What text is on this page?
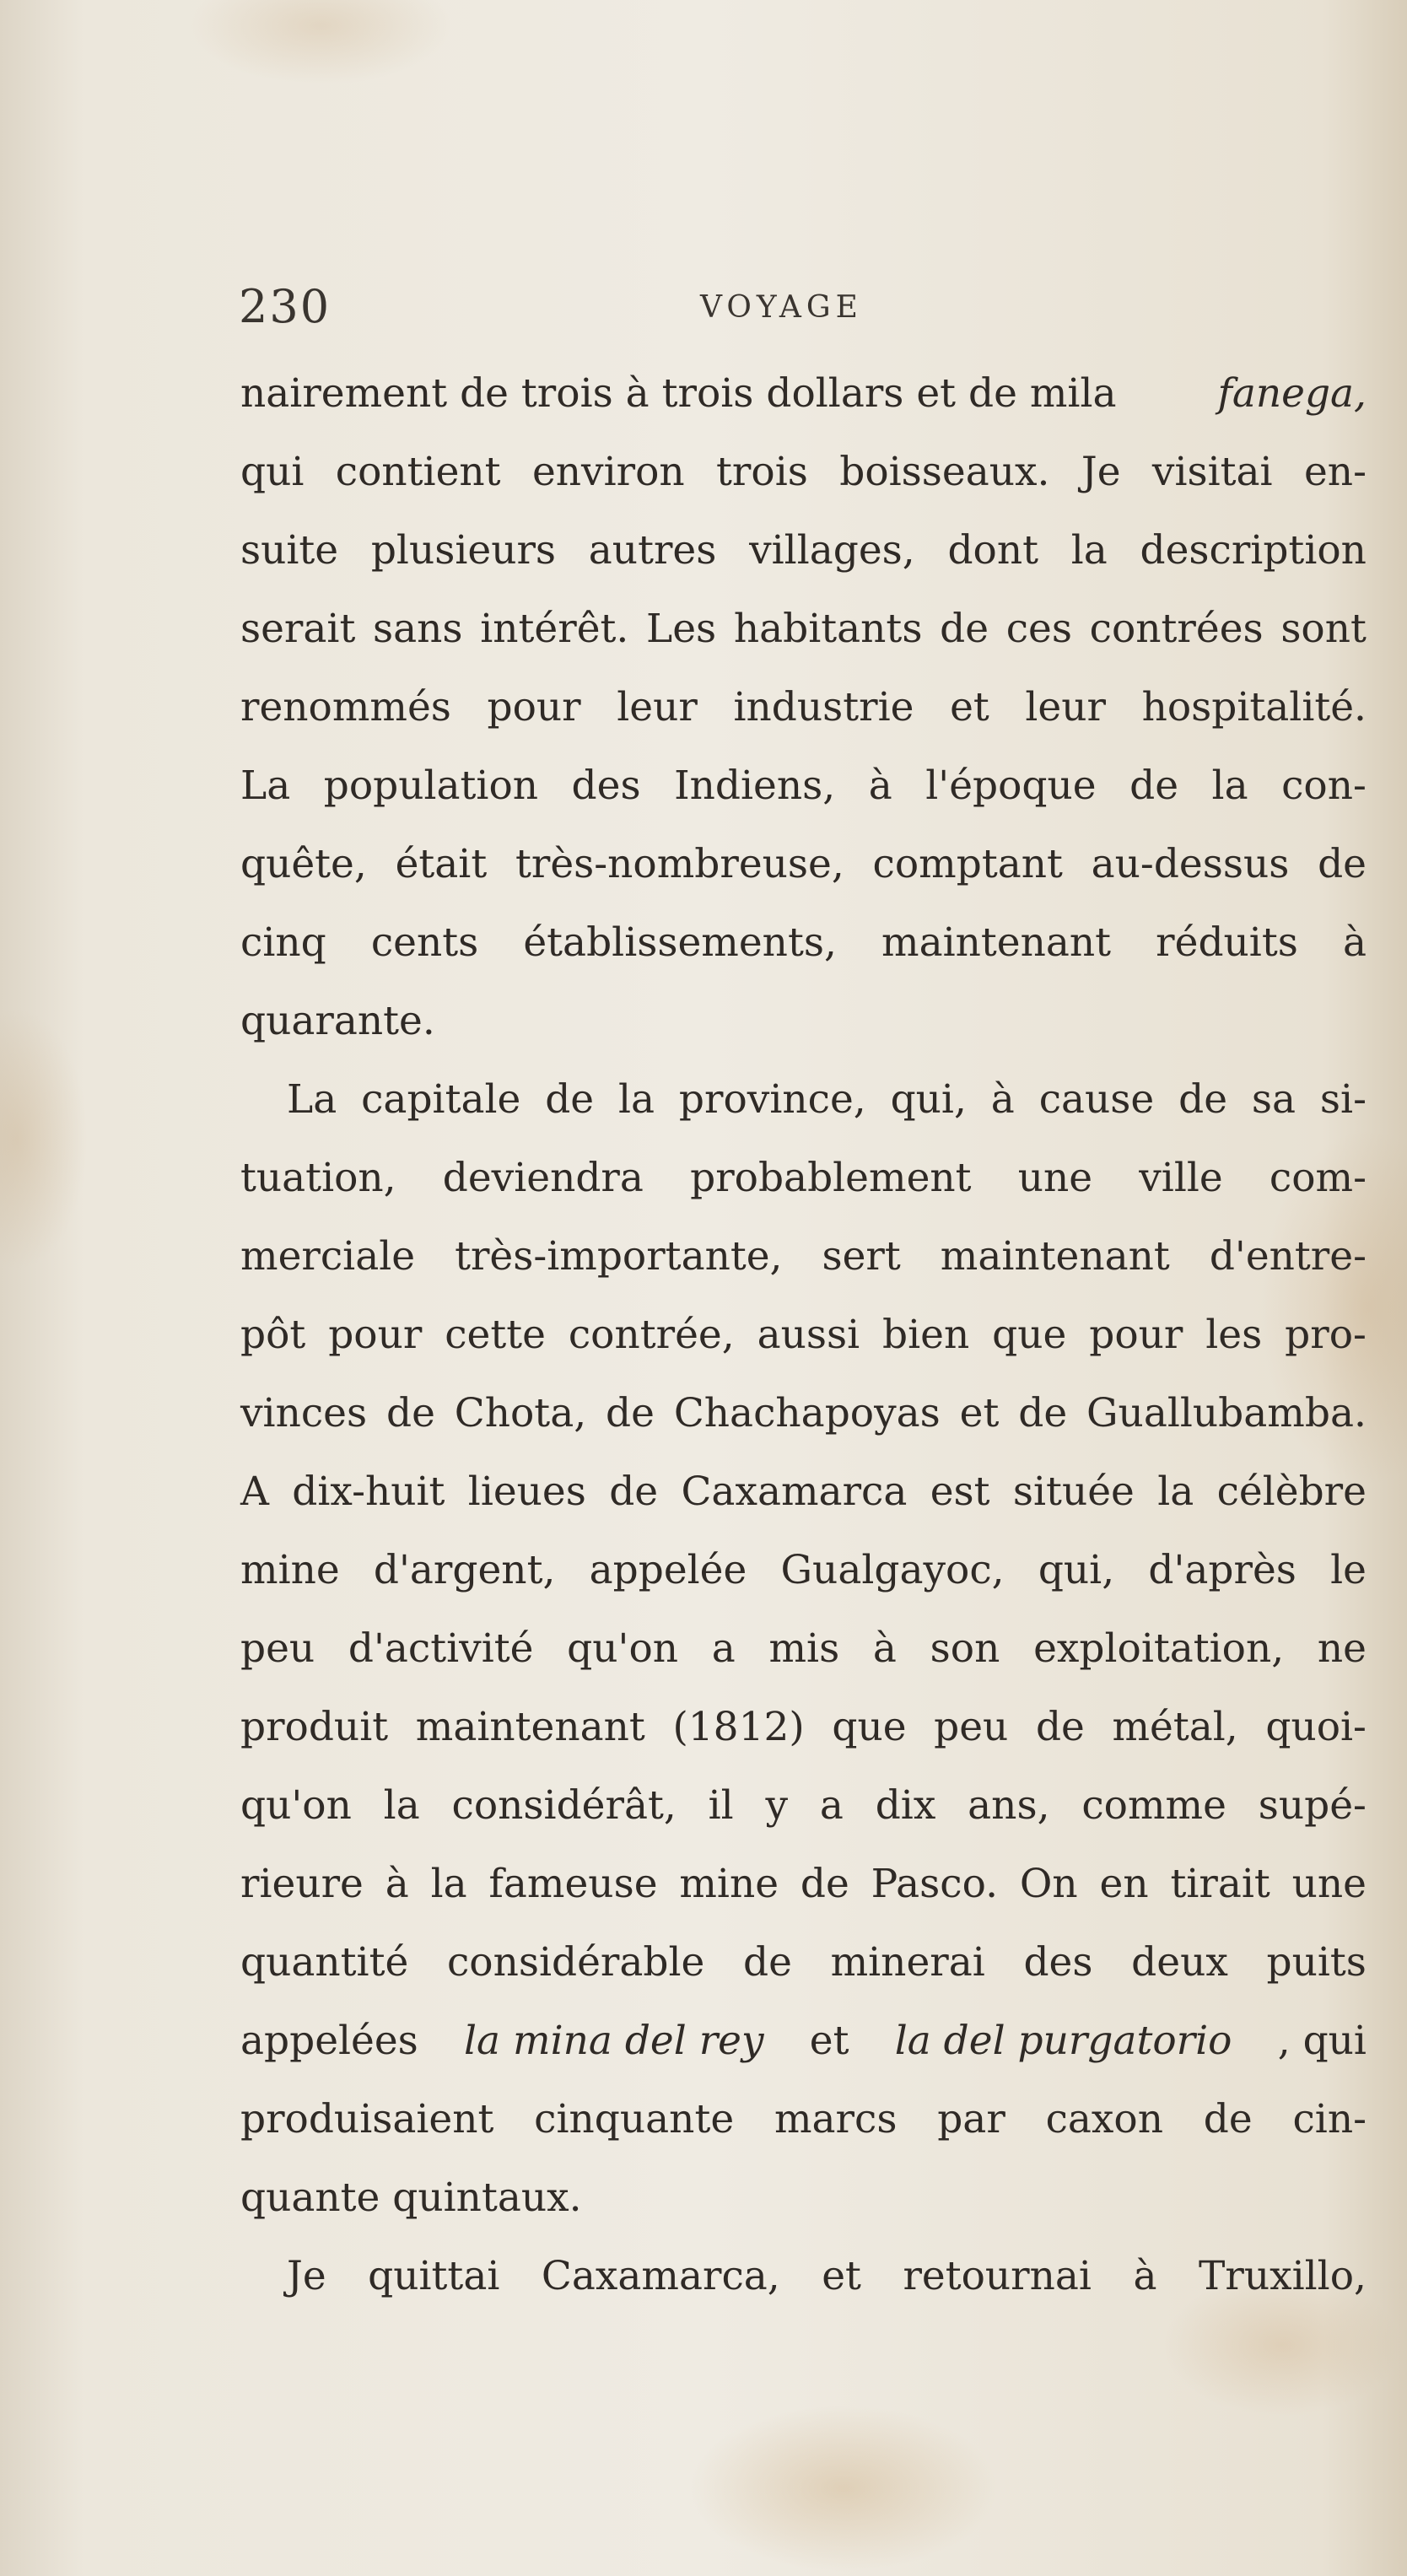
230	VOYAGE
nairement de trois à trois dollars et de mila	fanega,
qui contient environ trois boisseaux. Je visitai en-
suite plusieurs autres villages, dont la description
serait sans intérêt. Les habitants de ces contrées sont
renommés pour leur industrie et leur hospitalité.
La population des Indiens, à l'époque de la con-
quête, était très-nombreuse, comptant au-dessus de
cinq cents établissements, maintenant réduits à
quarante.
La capitale de la province, qui, à cause de sa si-
tuation, deviendra probablement une ville com-
merciale très-importante, sert maintenant d'entre-
pôt pour cette contrée, aussi bien que pour les pro-
vinces de Chota, de Chachapoyas et de Guallubamba.
A dix-huit lieues de Caxamarca est située la célèbre
mine d'argent, appelée Gualgayoc, qui, d'après le
peu d'activité qu'on a mis à son exploitation, ne
produit maintenant (1812) que peu de métal, quoi-
qu'on la considérât, il y a dix ans, comme supé-
rieure à la fameuse mine de Pasco. On en tirait une
quantité considérable de minerai des deux puits
appelées la mina del rey et la del purgatorio , qui
produisaient cinquante marcs par caxon de cin-
quante quintaux.
Je quittai Caxamarca, et retournai à Truxillo,
